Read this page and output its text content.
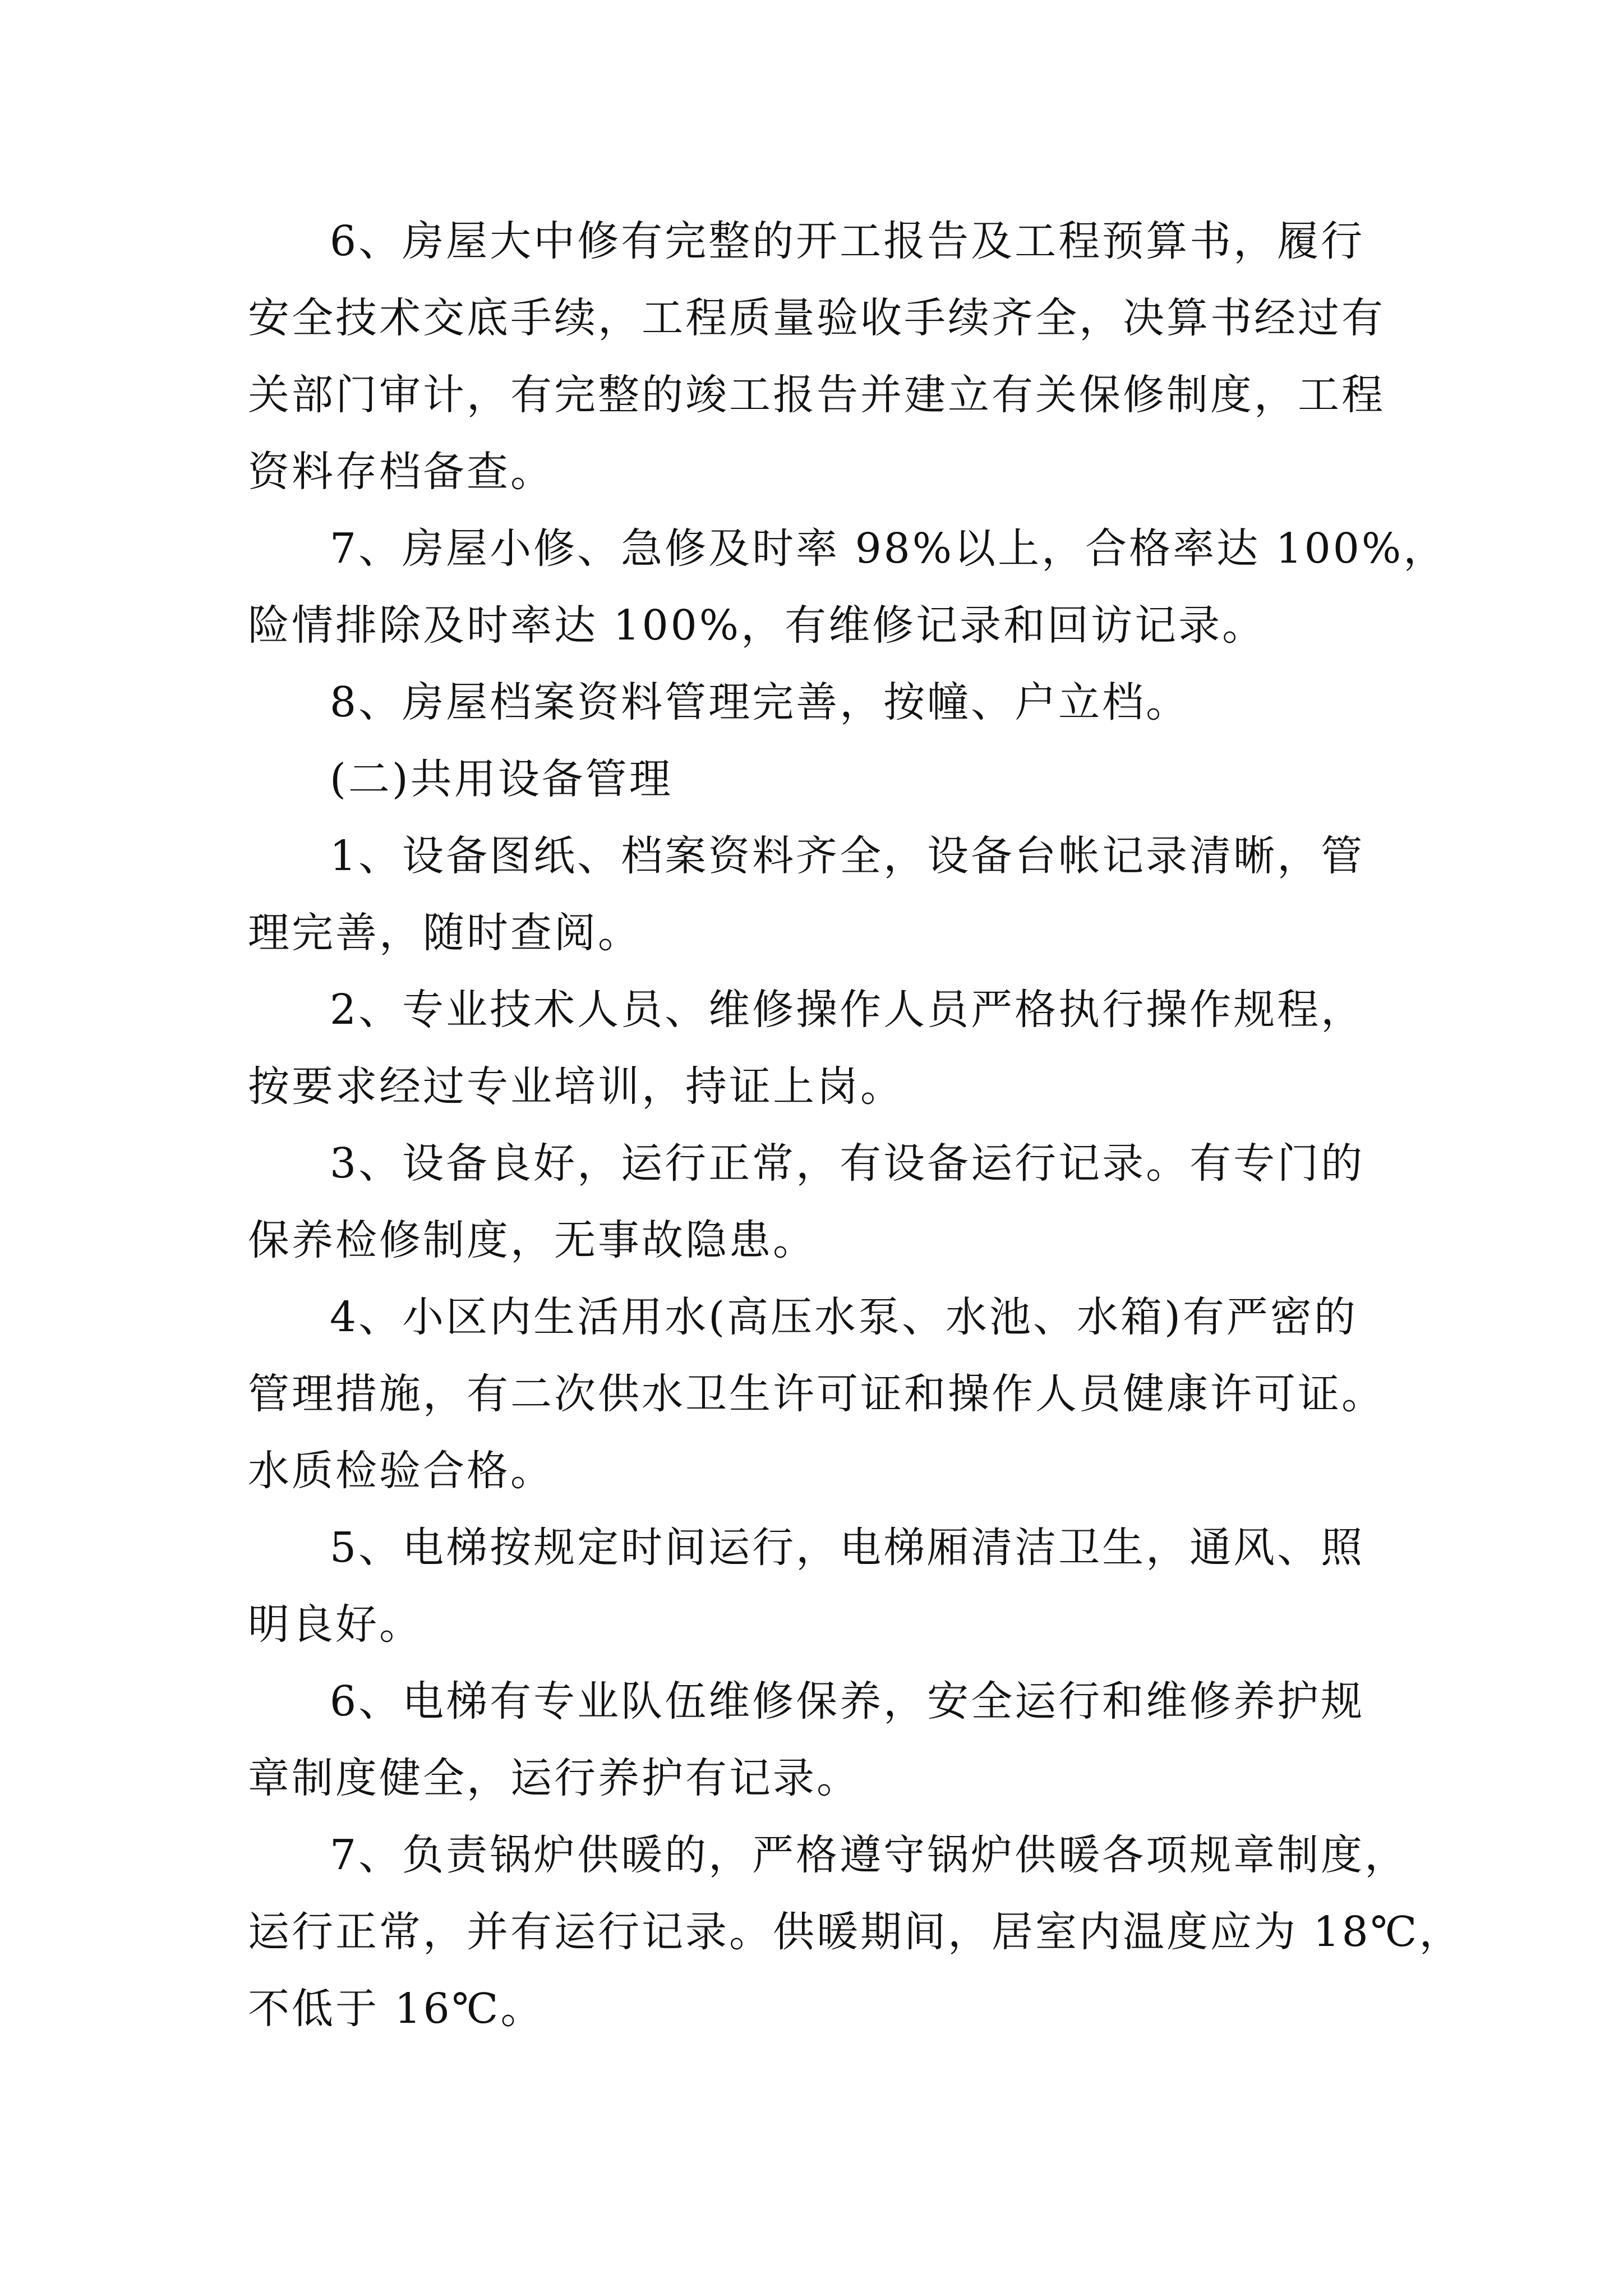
6、房屋大中修有完整的开工报告及工程预算书，履行

安全技术交底手续，工程质量验收手续齐全，决算书经过有

关部门审计，有完整的竣工报告并建立有关保修制度，工程

资料存档备查。

7、房屋小修、急修及时率 98%以上，合格率达 100%，

险情排除及时率达 100%，有维修记录和回访记录。

8、房屋档案资料管理完善，按幢、户立档。

(二)共用设备管理

1、设备图纸、档案资料齐全，设备台帐记录清晰，管

理完善，随时查阅。

2、专业技术人员、维修操作人员严格执行操作规程，

按要求经过专业培训，持证上岗。

3、设备良好，运行正常，有设备运行记录。有专门的

保养检修制度，无事故隐患。

4、小区内生活用水(高压水泵、水池、水箱)有严密的

管理措施，有二次供水卫生许可证和操作人员健康许可证。

水质检验合格。

5、电梯按规定时间运行，电梯厢清洁卫生，通风、照

明良好。

6、电梯有专业队伍维修保养，安全运行和维修养护规

章制度健全，运行养护有记录。

7、负责锅炉供暖的，严格遵守锅炉供暖各项规章制度，

运行正常，并有运行记录。供暖期间，居室内温度应为 18℃，

不低于 16℃。
